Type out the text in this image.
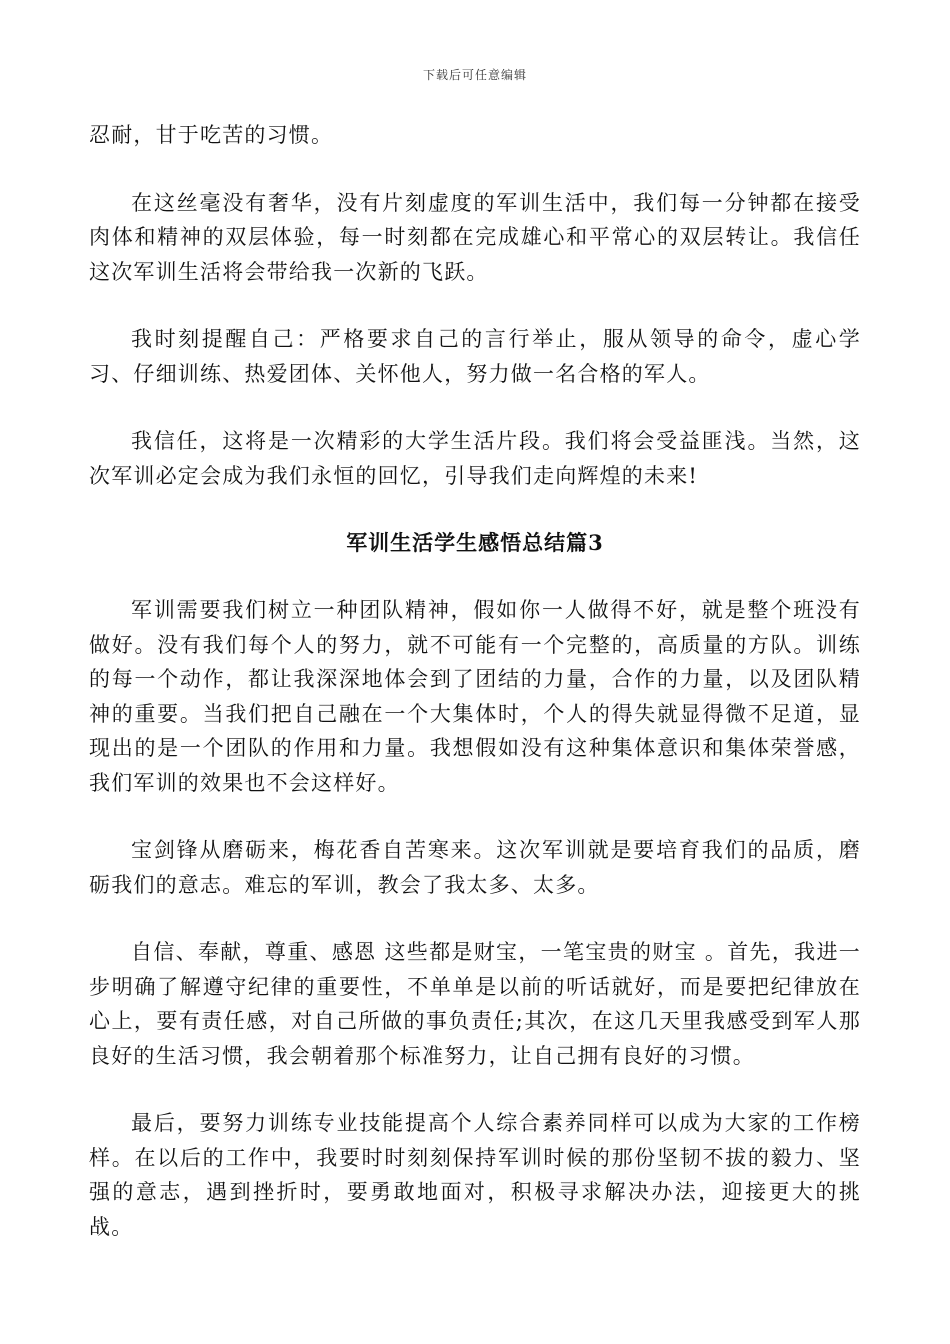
下载后可任意编辑

忍耐，甘于吃苦的习惯。

在这丝毫没有奢华，没有片刻虚度的军训生活中，我们每一分钟都在接受肉体和精神的双层体验，每一时刻都在完成雄心和平常心的双层转让。我信任这次军训生活将会带给我一次新的飞跃。

我时刻提醒自己：严格要求自己的言行举止，服从领导的命令，虚心学习、仔细训练、热爱团体、关怀他人，努力做一名合格的军人。

我信任，这将是一次精彩的大学生活片段。我们将会受益匪浅。当然，这次军训必定会成为我们永恒的回忆，引导我们走向辉煌的未来!

军训生活学生感悟总结篇3

军训需要我们树立一种团队精神，假如你一人做得不好，就是整个班没有做好。没有我们每个人的努力，就不可能有一个完整的，高质量的方队。训练的每一个动作，都让我深深地体会到了团结的力量，合作的力量，以及团队精神的重要。当我们把自己融在一个大集体时，个人的得失就显得微不足道，显现出的是一个团队的作用和力量。我想假如没有这种集体意识和集体荣誉感，我们军训的效果也不会这样好。

宝剑锋从磨砺来，梅花香自苦寒来。这次军训就是要培育我们的品质，磨砺我们的意志。难忘的军训，教会了我太多、太多。

自信、奉献，尊重、感恩 这些都是财宝，一笔宝贵的财宝 。首先，我进一步明确了解遵守纪律的重要性，不单单是以前的听话就好，而是要把纪律放在心上，要有责任感，对自己所做的事负责任;其次，在这几天里我感受到军人那良好的生活习惯，我会朝着那个标准努力，让自己拥有良好的习惯。

最后，要努力训练专业技能提高个人综合素养同样可以成为大家的工作榜样。在以后的工作中，我要时时刻刻保持军训时候的那份坚韧不拔的毅力、坚强的意志，遇到挫折时，要勇敢地面对，积极寻求解决办法，迎接更大的挑战。
